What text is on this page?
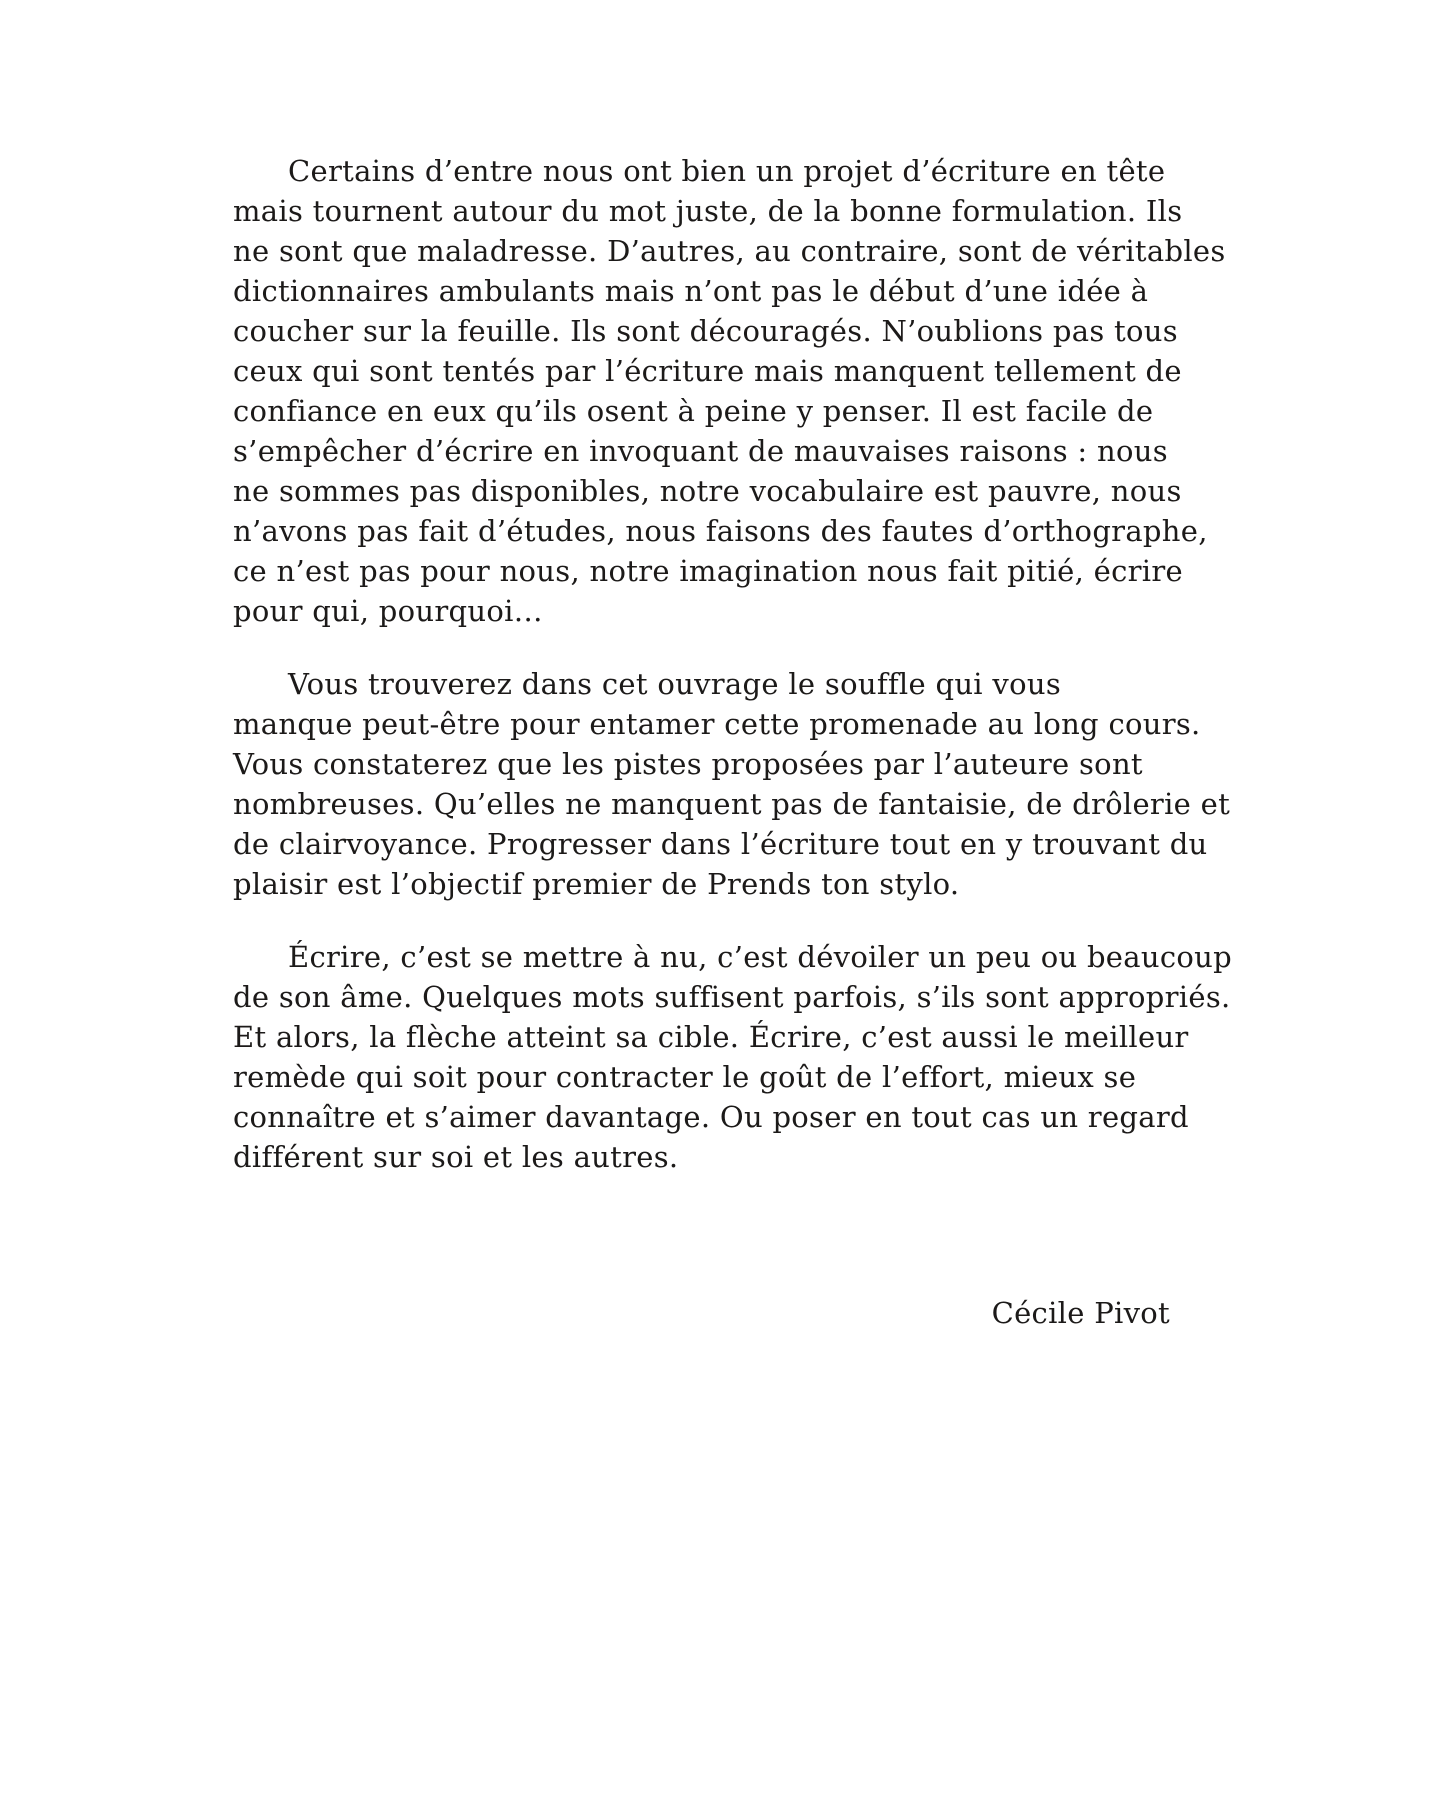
Certains d’entre nous ont bien un projet d’écriture en tête
mais tournent autour du mot juste, de la bonne formulation. Ils
ne sont que maladresse. D’autres, au contraire, sont de véritables
dictionnaires ambulants mais n’ont pas le début d’une idée à
coucher sur la feuille. Ils sont découragés. N’oublions pas tous
ceux qui sont tentés par l’écriture mais manquent tellement de
confiance en eux qu’ils osent à peine y penser. Il est facile de
s’empêcher d’écrire en invoquant de mauvaises raisons : nous
ne sommes pas disponibles, notre vocabulaire est pauvre, nous
n’avons pas fait d’études, nous faisons des fautes d’orthographe,
ce n’est pas pour nous, notre imagination nous fait pitié, écrire
pour qui, pourquoi…
Vous trouverez dans cet ouvrage le souffle qui vous
manque peut-être pour entamer cette promenade au long cours.
Vous constaterez que les pistes proposées par l’auteure sont
nombreuses. Qu’elles ne manquent pas de fantaisie, de drôlerie et
de clairvoyance. Progresser dans l’écriture tout en y trouvant du
plaisir est l’objectif premier de Prends ton stylo.
Écrire, c’est se mettre à nu, c’est dévoiler un peu ou beaucoup
de son âme. Quelques mots suffisent parfois, s’ils sont appropriés.
Et alors, la flèche atteint sa cible. Écrire, c’est aussi le meilleur
remède qui soit pour contracter le goût de l’effort, mieux se
connaître et s’aimer davantage. Ou poser en tout cas un regard
différent sur soi et les autres.
Cécile Pivot
